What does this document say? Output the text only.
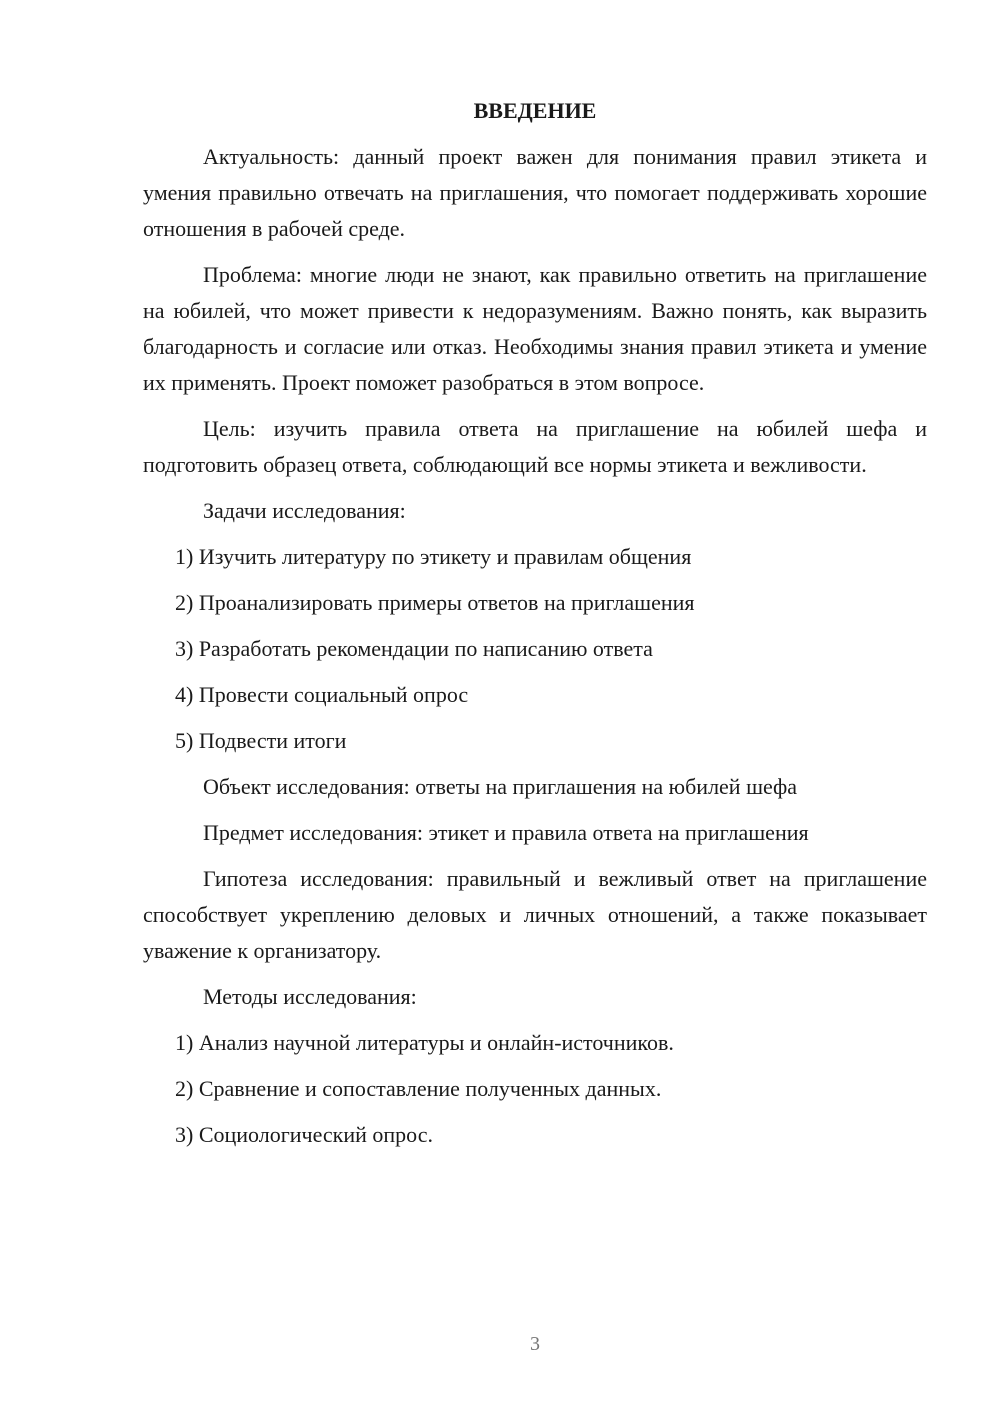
ВВЕДЕНИЕ

Актуальность: данный проект важен для понимания правил этикета и умения правильно отвечать на приглашения, что помогает поддерживать хорошие отношения в рабочей среде.

Проблема: многие люди не знают, как правильно ответить на приглашение на юбилей, что может привести к недоразумениям. Важно понять, как выразить благодарность и согласие или отказ. Необходимы знания правил этикета и умение их применять. Проект поможет разобраться в этом вопросе.

Цель: изучить правила ответа на приглашение на юбилей шефа и подготовить образец ответа, соблюдающий все нормы этикета и вежливости.

Задачи исследования:
1) Изучить литературу по этикету и правилам общения
2) Проанализировать примеры ответов на приглашения
3) Разработать рекомендации по написанию ответа
4) Провести социальный опрос
5) Подвести итоги
Объект исследования: ответы на приглашения на юбилей шефа
Предмет исследования: этикет и правила ответа на приглашения

Гипотеза исследования: правильный и вежливый ответ на приглашение способствует укреплению деловых и личных отношений, а также показывает уважение к организатору.

Методы исследования:
1) Анализ научной литературы и онлайн-источников.
2) Сравнение и сопоставление полученных данных.
3) Социологический опрос.
3
